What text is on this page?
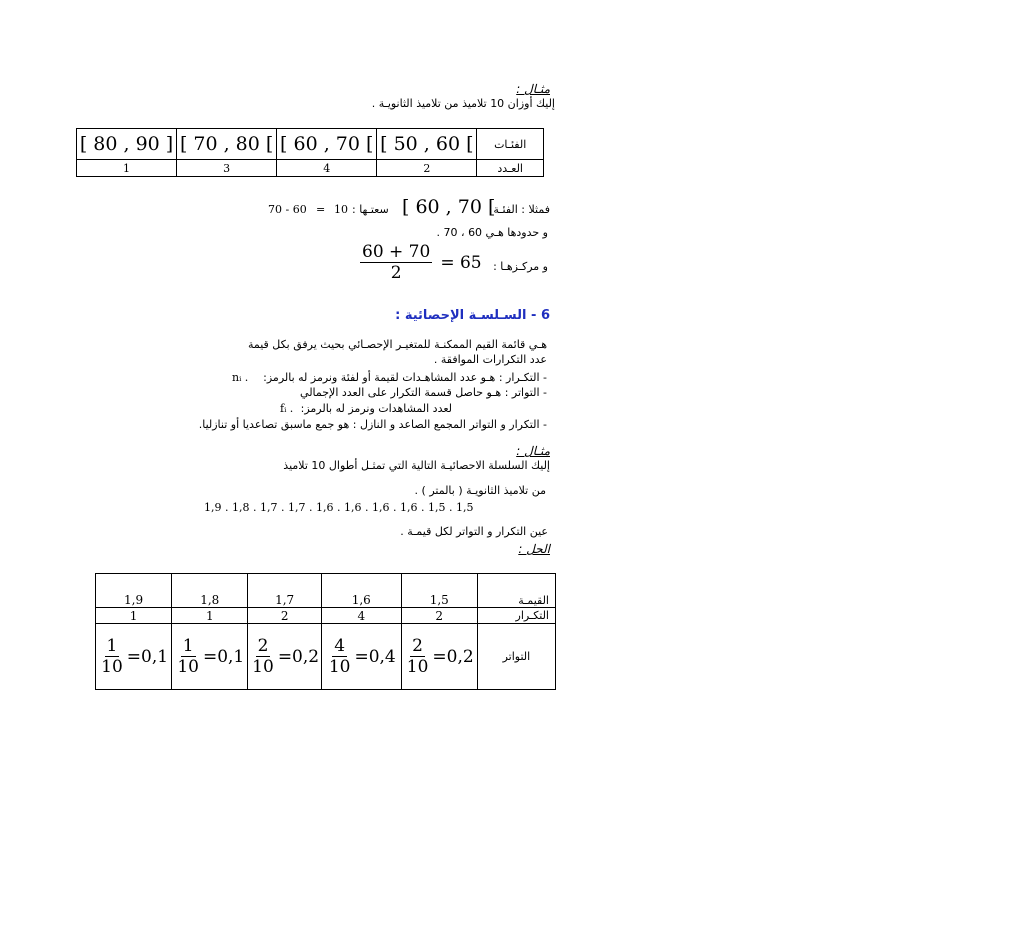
مثـال :
إليك أوزان 10 تلاميذ من تلاميذ الثانويـة .
[ 80 , 90 ]	[ 70 , 80 [	[ 60 , 70 [	[ 50 , 60 [	الفئـات
1	3	4	2	العـدد
فمثلا : الفئـة
[ 60 , 70 [
: سعتـها
10
=
70 - 60
و حدودها هـي 60 ، 70 .
و مركـزهـا :
$\frac{60 + 70}{2} = 65$
6 - السـلسـة الإحصائية :
هـي قائمة القيم الممكنـة للمتغيـر الإحصـائي بحيث يرفق بكل قيمة
عدد التكرارات الموافقة .
- التكـرار : هـو عدد المشاهـدات لقيمة أو لفئة ونرمز له بالرمز:
nᵢ .
- التواتر : هـو حاصل قسمة التكرار على العدد الإجمالي
لعدد المشاهدات ونرمز له بالرمز:
fᵢ .
- التكرار و التواتر المجمع الصاعد و النازل : هو جمع ماسبق تصاعديا أو تنازليا.
مثـال :
إليك السلسلة الاحصائيـة التالية التي تمثـل أطوال 10 تلاميذ
من تلاميذ الثانويـة ( بالمتر ) .
1,5 . 1,5 . 1,6 . 1,6 . 1,6 . 1,6 . 1,7 . 1,7 . 1,8 . 1,9
عين التكرار و التواتر لكل قيمـة .
الحل :
1,9	1,8	1,7	1,6	1,5	القيمـة
1	1	2	4	2	التكـرار

$\frac{1}{10} =0,1$	$\frac{1}{10} =0,1$	$\frac{2}{10} =0,2$	$\frac{4}{10} =0,4$	$\frac{2}{10} =0,2$	التواتر
